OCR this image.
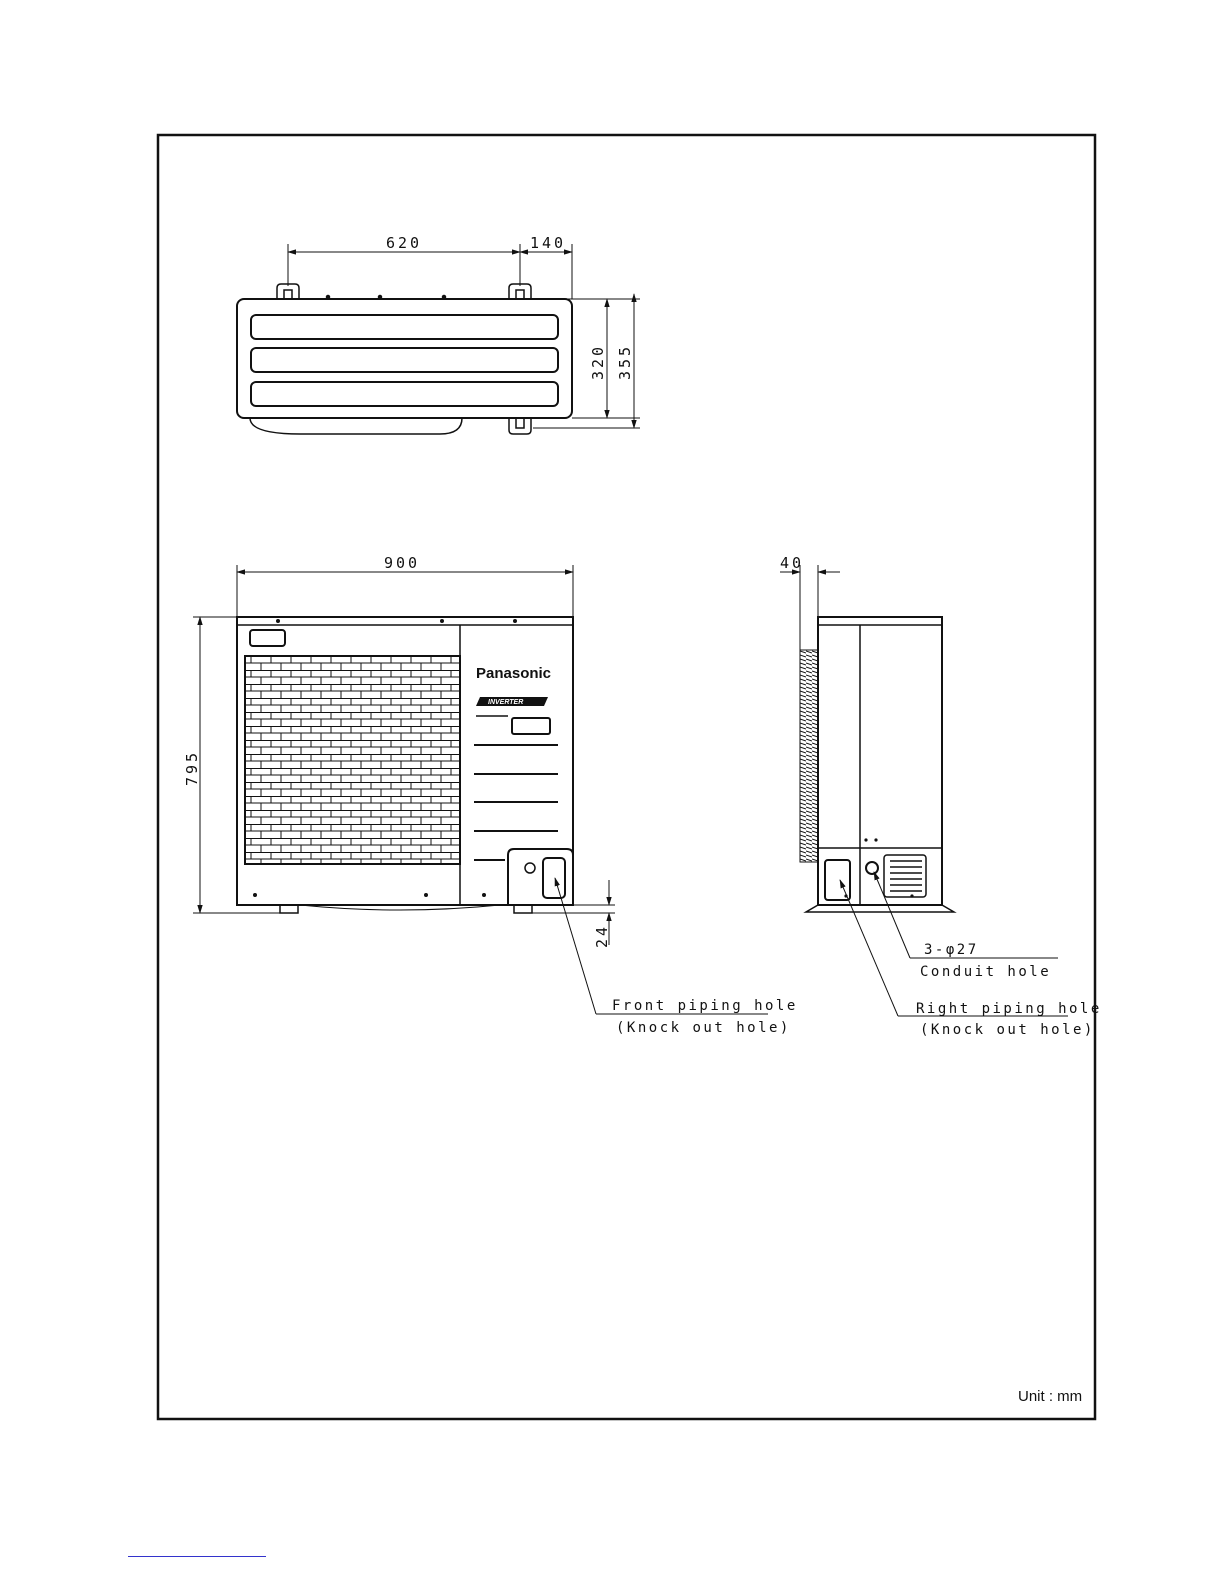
620	140
320 355
Panasonic
INVERTER
900
795
24
Front piping hole
(Knock out hole)
40
3-φ27
Conduit hole
Right piping hole
(Knock out hole)
Unit : mm
